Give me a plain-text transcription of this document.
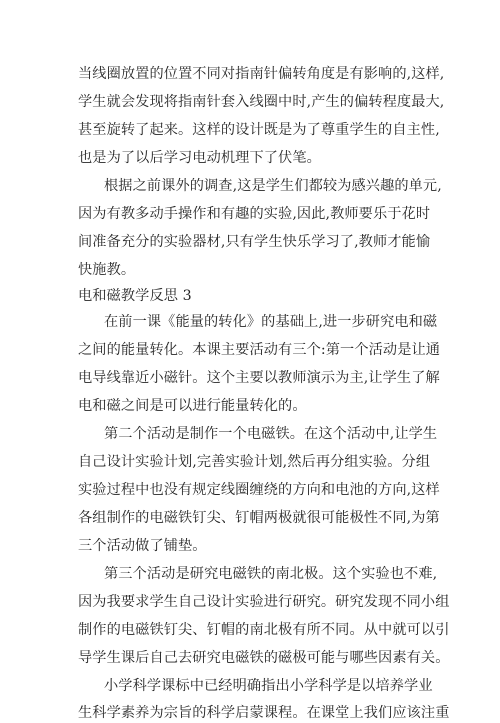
当线圈放置的位置不同对指南针偏转角度是有影响的,这样,
学生就会发现将指南针套入线圈中时,产生的偏转程度最大,
甚至旋转了起来。这样的设计既是为了尊重学生的自主性,
也是为了以后学习电动机理下了伏笔。
根据之前课外的调查,这是学生们都较为感兴趣的单元,
因为有教多动手操作和有趣的实验,因此,教师要乐于花时
间准备充分的实验器材,只有学生快乐学习了,教师才能愉
快施教。
电和磁教学反思 3
在前一课《能量的转化》的基础上,进一步研究电和磁
之间的能量转化。本课主要活动有三个:第一个活动是让通
电导线靠近小磁针。这个主要以教师演示为主,让学生了解
电和磁之间是可以进行能量转化的。
第二个活动是制作一个电磁铁。在这个活动中,让学生
自己设计实验计划,完善实验计划,然后再分组实验。分组
实验过程中也没有规定线圈缠绕的方向和电池的方向,这样
各组制作的电磁铁钉尖、钉帽两极就很可能极性不同,为第
三个活动做了铺垫。
第三个活动是研究电磁铁的南北极。这个实验也不难,
因为我要求学生自己设计实验进行研究。研究发现不同小组
制作的电磁铁钉尖、钉帽的南北极有所不同。从中就可以引
导学生课后自己去研究电磁铁的磁极可能与哪些因素有关。
小学科学课标中已经明确指出小学科学是以培养学业
生科学素养为宗旨的科学启蒙课程。在课堂上我们应该注重
